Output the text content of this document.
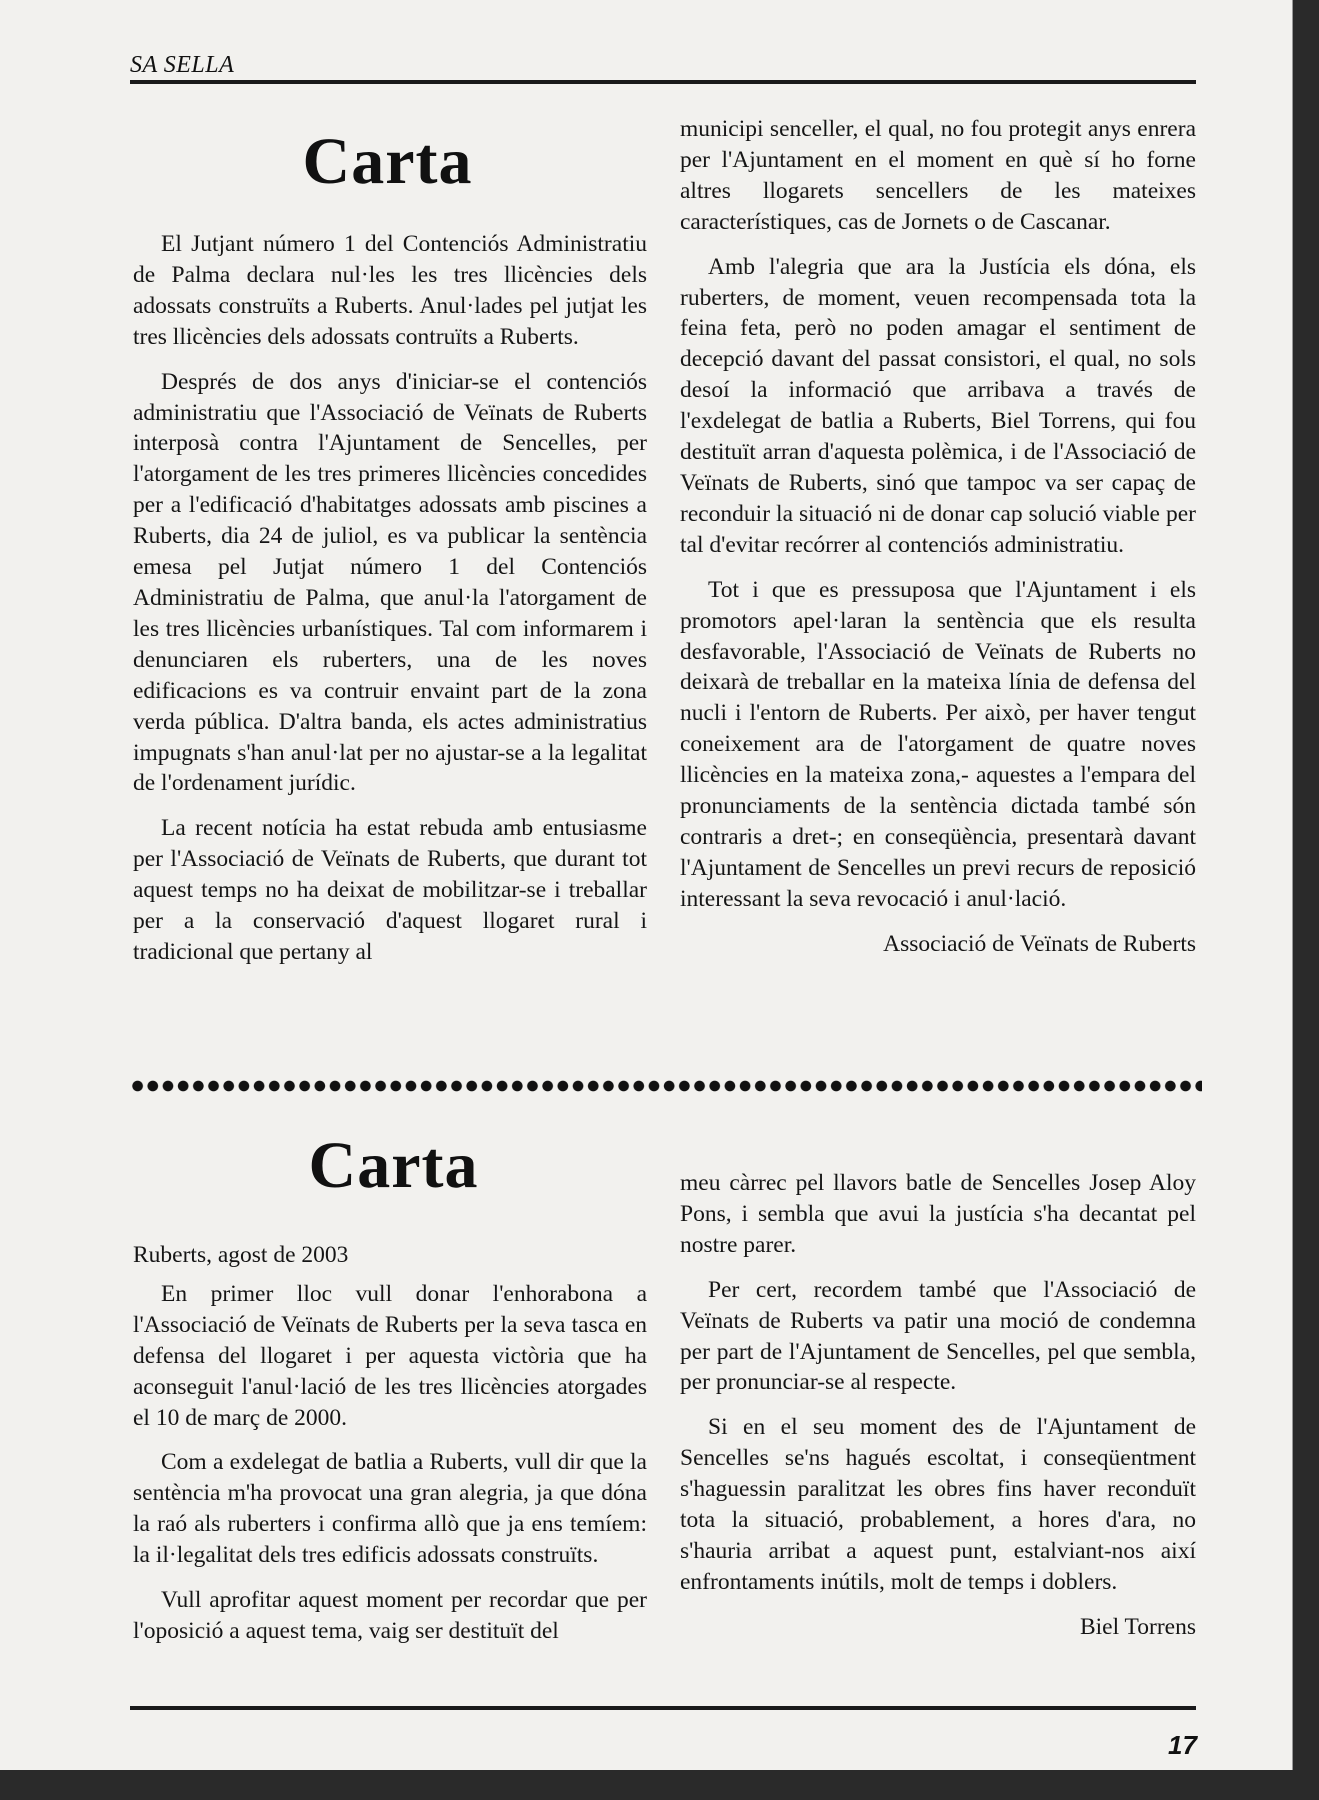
SA SELLA
Carta

El Jutjant número 1 del Contenciós Administratiu de Palma declara nul·les les tres llicències dels adossats construïts a Ruberts. Anul·lades pel jutjat les tres llicències dels adossats contruïts a Ruberts.

Després de dos anys d'iniciar-se el contenciós administratiu que l'Associació de Veïnats de Ruberts interposà contra l'Ajuntament de Sencelles, per l'atorgament de les tres primeres llicències concedides per a l'edificació d'habitatges adossats amb piscines a Ruberts, dia 24 de juliol, es va publicar la sentència emesa pel Jutjat número 1 del Contenciós Administratiu de Palma, que anul·la l'atorgament de les tres llicències urbanístiques. Tal com informarem i denunciaren els ruberters, una de les noves edificacions es va contruir envaint part de la zona verda pública. D'altra banda, els actes administratius impugnats s'han anul·lat per no ajustar-se a la legalitat de l'ordenament jurídic.

La recent notícia ha estat rebuda amb entusiasme per l'Associació de Veïnats de Ruberts, que durant tot aquest temps no ha deixat de mobilitzar-se i treballar per a la conservació d'aquest llogaret rural i tradicional que pertany al

municipi senceller, el qual, no fou protegit anys enrera per l'Ajuntament en el moment en què sí ho forne altres llogarets sencellers de les mateixes característiques, cas de Jornets o de Cascanar.

Amb l'alegria que ara la Justícia els dóna, els ruberters, de moment, veuen recompensada tota la feina feta, però no poden amagar el sentiment de decepció davant del passat consistori, el qual, no sols desoí la informació que arribava a través de l'exdelegat de batlia a Ruberts, Biel Torrens, qui fou destituït arran d'aquesta polèmica, i de l'Associació de Veïnats de Ruberts, sinó que tampoc va ser capaç de reconduir la situació ni de donar cap solució viable per tal d'evitar recórrer al contenciós administratiu.

Tot i que es pressuposa que l'Ajuntament i els promotors apel·laran la sentència que els resulta desfavorable, l'Associació de Veïnats de Ruberts no deixarà de treballar en la mateixa línia de defensa del nucli i l'entorn de Ruberts. Per això, per haver tengut coneixement ara de l'atorgament de quatre noves llicències en la mateixa zona,- aquestes a l'empara del pronunciaments de la sentència dictada també són contraris a dret-; en conseqüència, presentarà davant l'Ajuntament de Sencelles un previ recurs de reposició interessant la seva revocació i anul·lació.

Associació de Veïnats de Ruberts

Carta

Ruberts, agost de 2003

En primer lloc vull donar l'enhorabona a l'Associació de Veïnats de Ruberts per la seva tasca en defensa del llogaret i per aquesta victòria que ha aconseguit l'anul·lació de les tres llicències atorgades el 10 de març de 2000.

Com a exdelegat de batlia a Ruberts, vull dir que la sentència m'ha provocat una gran alegria, ja que dóna la raó als ruberters i confirma allò que ja ens temíem: la il·legalitat dels tres edificis adossats construïts.

Vull aprofitar aquest moment per recordar que per l'oposició a aquest tema, vaig ser destituït del

meu càrrec pel llavors batle de Sencelles Josep Aloy Pons, i sembla que avui la justícia s'ha decantat pel nostre parer.

Per cert, recordem també que l'Associació de Veïnats de Ruberts va patir una moció de condemna per part de l'Ajuntament de Sencelles, pel que sembla, per pronunciar-se al respecte.

Si en el seu moment des de l'Ajuntament de Sencelles se'ns hagués escoltat, i conseqüentment s'haguessin paralitzat les obres fins haver reconduït tota la situació, probablement, a hores d'ara, no s'hauria arribat a aquest punt, estalviant-nos així enfrontaments inútils, molt de temps i doblers.

Biel Torrens

17
